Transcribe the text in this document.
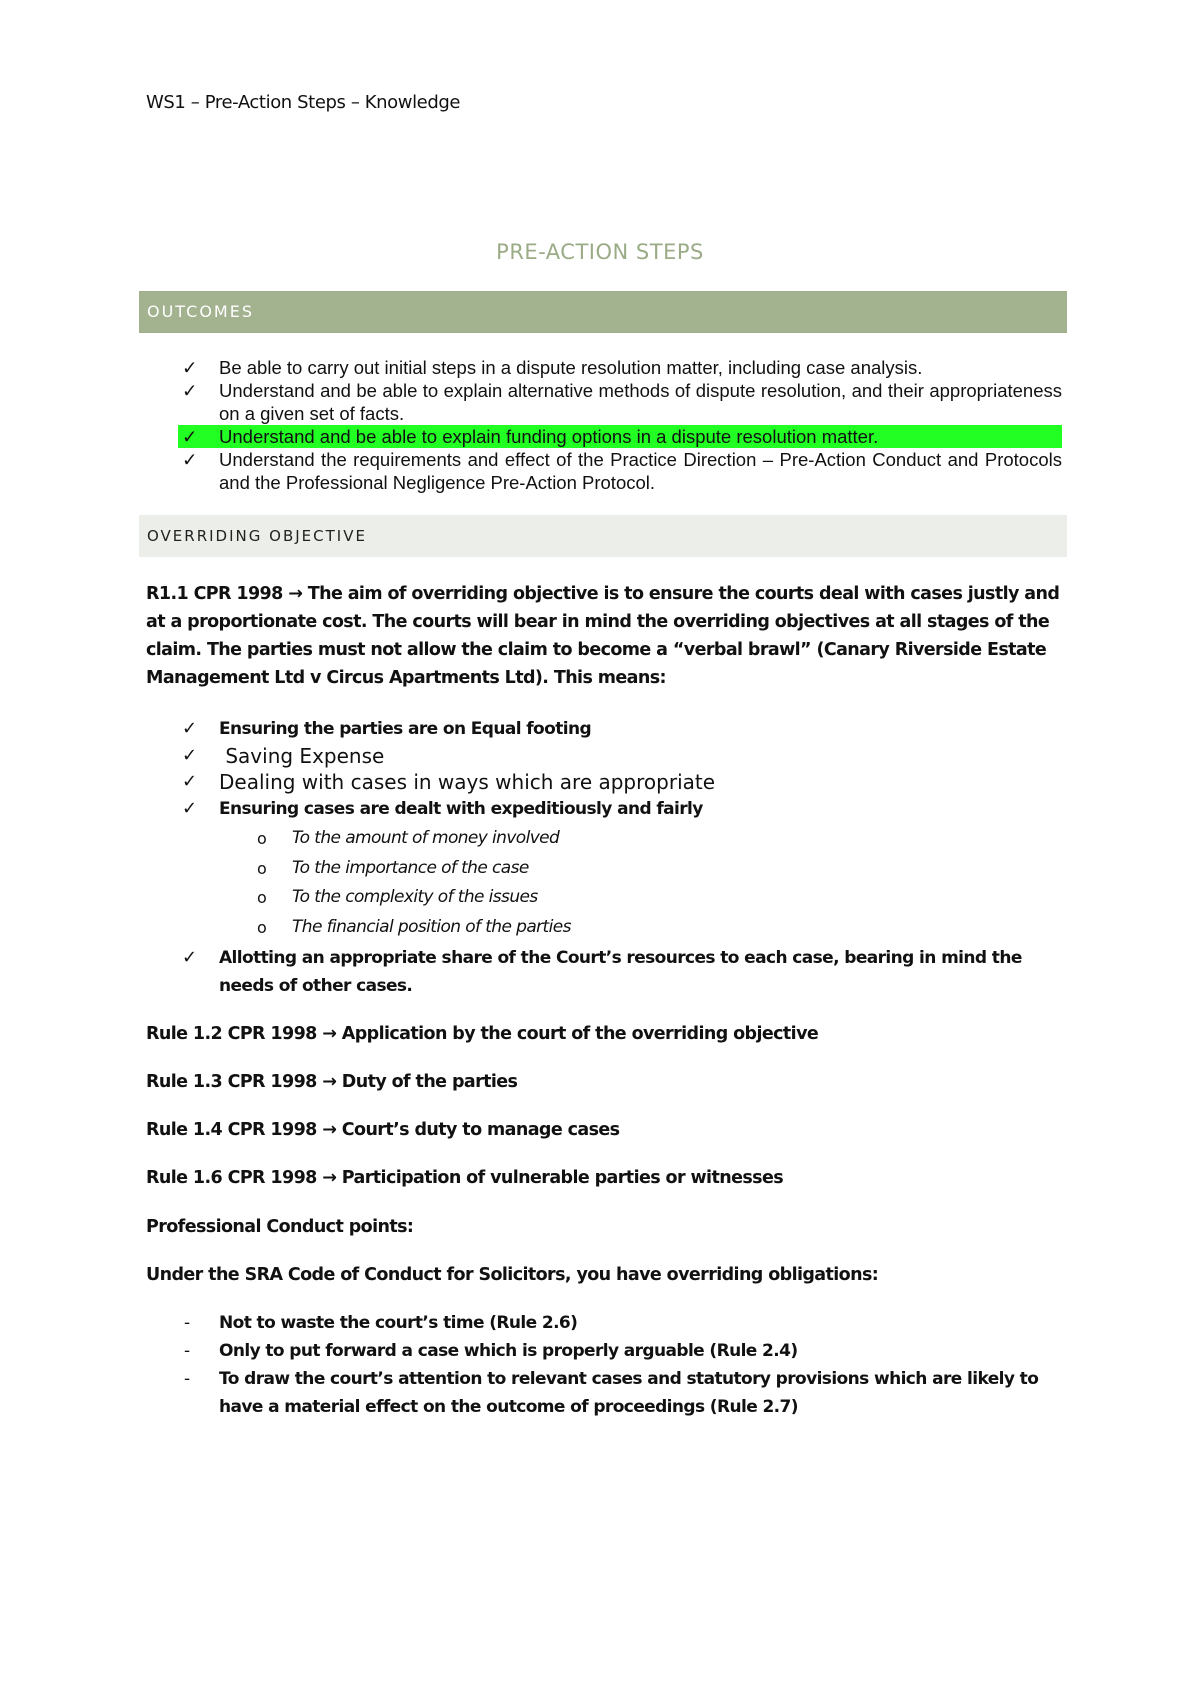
WS1 – Pre-Action Steps – Knowledge
PRE-ACTION STEPS
OUTCOMES
✓ Be able to carry out initial steps in a dispute resolution matter, including case analysis.
✓ Understand and be able to explain alternative methods of dispute resolution, and their appropriateness on a given set of facts.
✓ Understand and be able to explain funding options in a dispute resolution matter.
✓ Understand the requirements and effect of the Practice Direction – Pre-Action Conduct and Protocols and the Professional Negligence Pre-Action Protocol.
OVERRIDING OBJECTIVE

R1.1 CPR 1998 → The aim of overriding objective is to ensure the courts deal with cases justly and at a proportionate cost. The courts will bear in mind the overriding objectives at all stages of the claim. The parties must not allow the claim to become a “verbal brawl” (Canary Riverside Estate Management Ltd v Circus Apartments Ltd). This means:

✓ Ensuring the parties are on Equal footing
✓ Saving Expense
✓ Dealing with cases in ways which are appropriate
✓ Ensuring cases are dealt with expeditiously and fairly
o To the amount of money involved
o To the importance of the case
o To the complexity of the issues
o The financial position of the parties
✓ Allotting an appropriate share of the Court’s resources to each case, bearing in mind the needs of other cases.

Rule 1.2 CPR 1998 → Application by the court of the overriding objective

Rule 1.3 CPR 1998 → Duty of the parties

Rule 1.4 CPR 1998 → Court’s duty to manage cases

Rule 1.6 CPR 1998 → Participation of vulnerable parties or witnesses

Professional Conduct points:

Under the SRA Code of Conduct for Solicitors, you have overriding obligations:

- Not to waste the court’s time (Rule 2.6)
- Only to put forward a case which is properly arguable (Rule 2.4)
- To draw the court’s attention to relevant cases and statutory provisions which are likely to have a material effect on the outcome of proceedings (Rule 2.7)
